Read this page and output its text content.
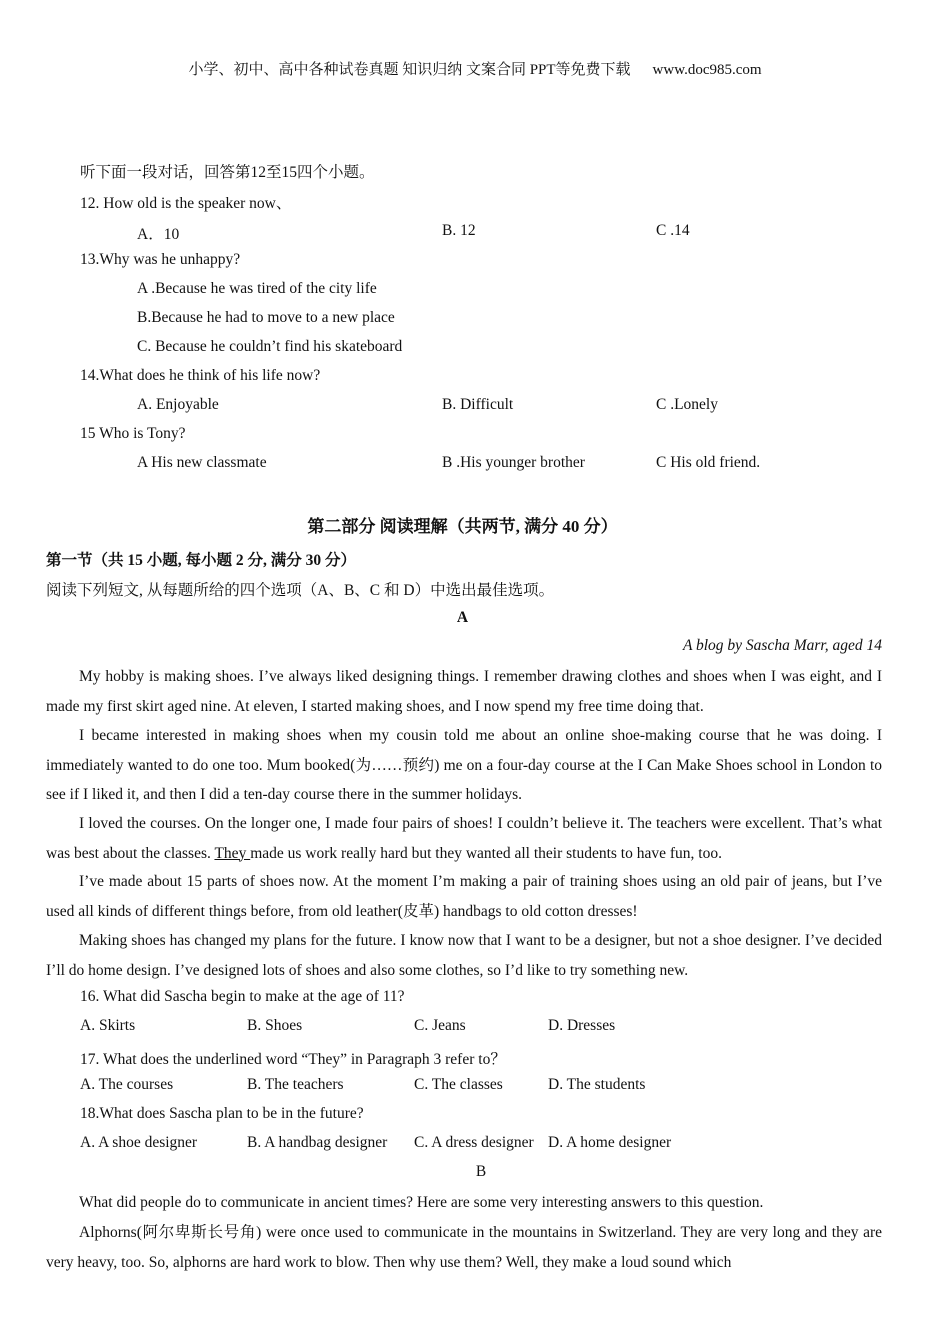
小学、初中、高中各种试卷真题 知识归纳 文案合同 PPT等免费下载 www.doc985.com
听下面一段对话，回答第12至15四个小题。
12. How old is the speaker now、
A．10	B. 12	C .14
13.Why was he unhappy?
A .Because he was tired of the city life
B.Because he had to move to a new place
C. Because he couldn’t find his skateboard
14.What does he think of his life now?
A. Enjoyable	B. Difficult	C .Lonely
15 Who is Tony?
A His new classmate	B .His younger brother	C His old friend.
第二部分 阅读理解（共两节, 满分 40 分）
第一节（共 15 小题, 每小题 2 分, 满分 30 分）
阅读下列短文, 从每题所给的四个选项（A、B、C 和 D）中选出最佳选项。
A
A blog by Sascha Marr, aged 14
My hobby is making shoes. I’ve always liked designing things. I remember drawing clothes and shoes when I was eight, and I made my first skirt aged nine. At eleven, I started making shoes, and I now spend my free time doing that.
I became interested in making shoes when my cousin told me about an online shoe-making course that he was doing. I immediately wanted to do one too. Mum booked(为……预约) me on a four-day course at the I Can Make Shoes school in London to see if I liked it, and then I did a ten-day course there in the summer holidays.
I loved the courses. On the longer one, I made four pairs of shoes! I couldn’t believe it. The teachers were excellent. That’s what was best about the classes. They made us work really hard but they wanted all their students to have fun, too.
I’ve made about 15 parts of shoes now. At the moment I’m making a pair of training shoes using an old pair of jeans, but I’ve used all kinds of different things before, from old leather(皮革) handbags to old cotton dresses!
Making shoes has changed my plans for the future. I know now that I want to be a designer, but not a shoe designer. I’ve decided I’ll do home design. I’ve designed lots of shoes and also some clothes, so I’d like to try something new.
16. What did Sascha begin to make at the age of 11?
A. Skirts	B. Shoes	C. Jeans	D. Dresses
17. What does the underlined word “They” in Paragraph 3 refer to？
A. The courses	B. The teachers	C. The classes	D. The students
18.What does Sascha plan to be in the future?
A. A shoe designer	B. A handbag designer C. A dress designer D. A home designer
B
What did people do to communicate in ancient times? Here are some very interesting answers to this question.
Alphorns(阿尔卑斯长号角) were once used to communicate in the mountains in Switzerland. They are very long and they are very heavy, too. So, alphorns are hard work to blow. Then why use them? Well, they make a loud sound which
